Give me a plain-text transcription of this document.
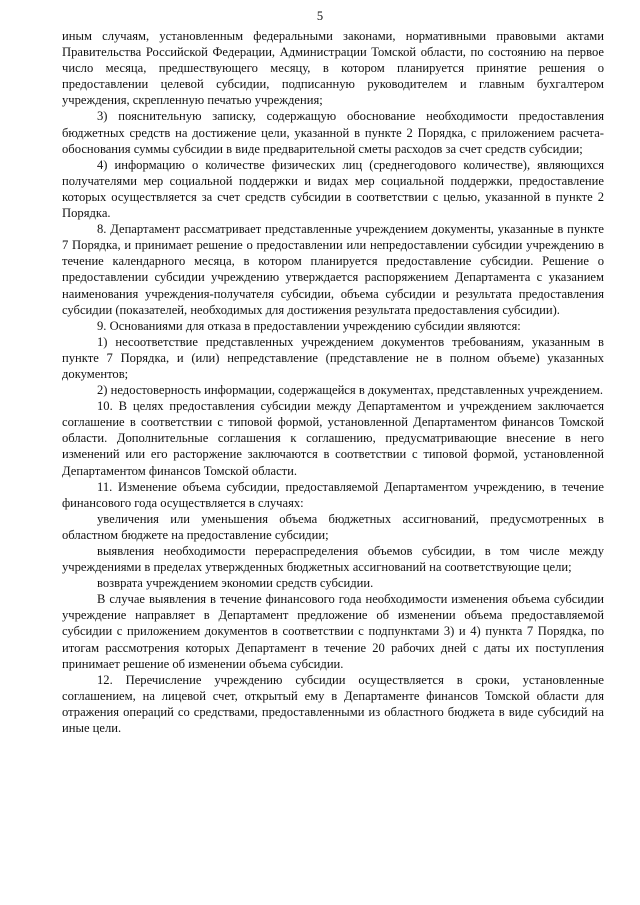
5

иным случаям, установленным федеральными законами, нормативными правовыми актами Правительства Российской Федерации, Администрации Томской области, по состоянию на первое число месяца, предшествующего месяцу, в котором планируется принятие решения о предоставлении целевой субсидии, подписанную руководителем и главным бухгалтером учреждения, скрепленную печатью учреждения;

3) пояснительную записку, содержащую обоснование необходимости предоставления бюджетных средств на достижение цели, указанной в пункте 2 Порядка, с приложением расчета-обоснования суммы субсидии в виде предварительной сметы расходов за счет средств субсидии;

4) информацию о количестве физических лиц (среднегодового количестве), являющихся получателями мер социальной поддержки и видах мер социальной поддержки, предоставление которых осуществляется за счет средств субсидии в соответствии с целью, указанной в пункте 2 Порядка.

8. Департамент рассматривает представленные учреждением документы, указанные в пункте 7 Порядка, и принимает решение о предоставлении или непредоставлении субсидии учреждению в течение календарного месяца, в котором планируется предоставление субсидии. Решение о предоставлении субсидии учреждению утверждается распоряжением Департамента с указанием наименования учреждения-получателя субсидии, объема субсидии и результата предоставления субсидии (показателей, необходимых для достижения результата предоставления субсидии).

9. Основаниями для отказа в предоставлении учреждению субсидии являются:

1) несоответствие представленных учреждением документов требованиям, указанным в пункте 7 Порядка, и (или) непредставление (представление не в полном объеме) указанных документов;

2) недостоверность информации, содержащейся в документах, представленных учреждением.

10. В целях предоставления субсидии между Департаментом и учреждением заключается соглашение в соответствии с типовой формой, установленной Департаментом финансов Томской области. Дополнительные соглашения к соглашению, предусматривающие внесение в него изменений или его расторжение заключаются в соответствии с типовой формой, установленной Департаментом финансов Томской области.

11. Изменение объема субсидии, предоставляемой Департаментом учреждению, в течение финансового года осуществляется в случаях:

увеличения или уменьшения объема бюджетных ассигнований, предусмотренных в областном бюджете на предоставление субсидии;

выявления необходимости перераспределения объемов субсидии, в том числе между учреждениями в пределах утвержденных бюджетных ассигнований на соответствующие цели;

возврата учреждением экономии средств субсидии.

В случае выявления в течение финансового года необходимости изменения объема субсидии учреждение направляет в Департамент предложение об изменении объема предоставляемой субсидии с приложением документов в соответствии с подпунктами 3) и 4) пункта 7 Порядка, по итогам рассмотрения которых Департамент в течение 20 рабочих дней с даты их поступления принимает решение об изменении объема субсидии.

12. Перечисление учреждению субсидии осуществляется в сроки, установленные соглашением, на лицевой счет, открытый ему в Департаменте финансов Томской области для отражения операций со средствами, предоставленными из областного бюджета в виде субсидий на иные цели.
